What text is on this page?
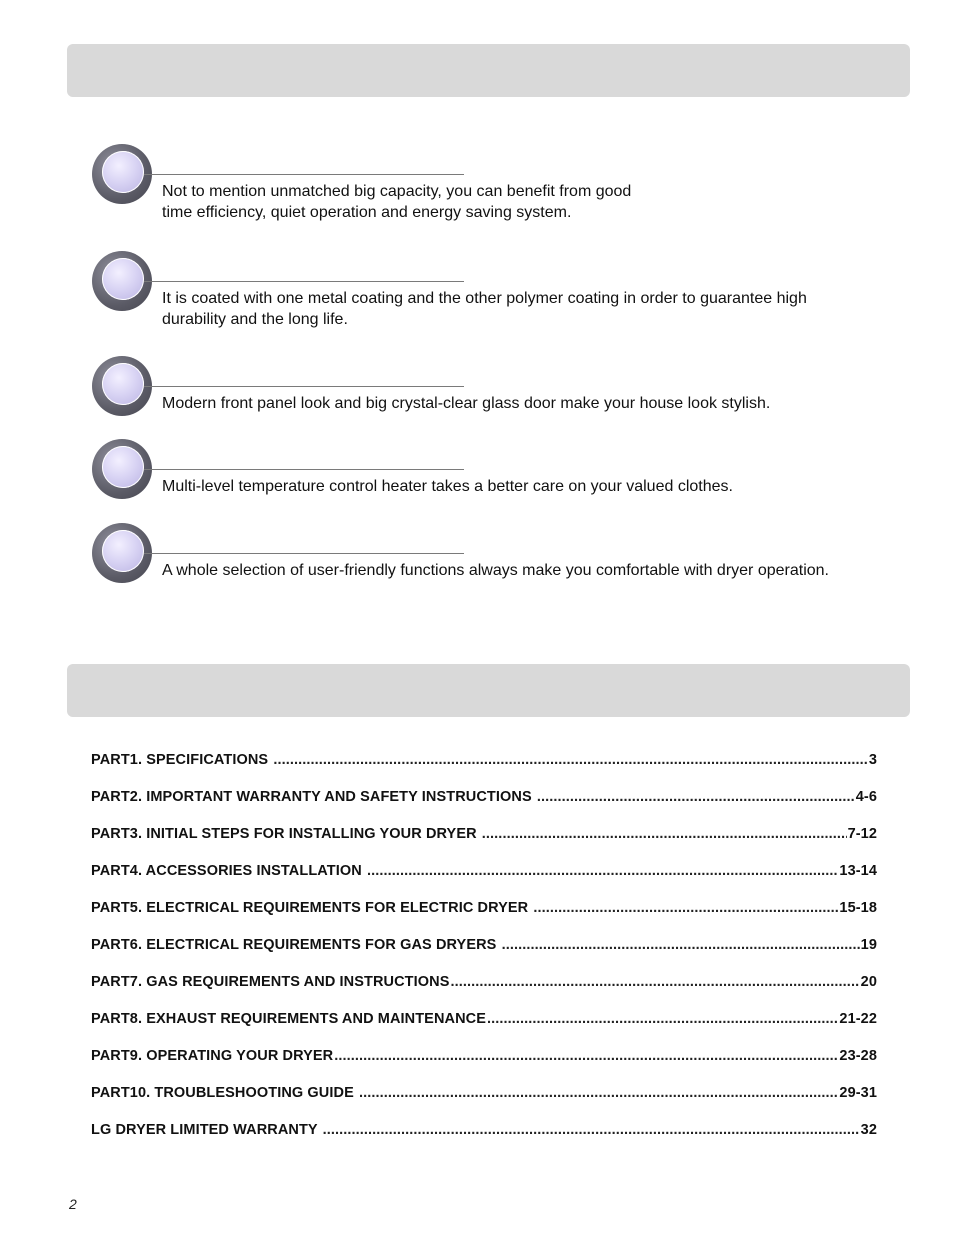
Not to mention unmatched big capacity, you can benefit from good
time efficiency, quiet operation and energy saving system.
It is coated with one metal coating and the other polymer coating in order to guarantee high
durability and the long life.
Modern front panel look and big crystal-clear glass door make your house look stylish.
Multi-level temperature control heater takes a better care on your valued clothes.
A whole selection of user-friendly functions always make you comfortable with dryer operation.
PART1. SPECIFICATIONS .....	3
PART2. IMPORTANT WARRANTY AND SAFETY INSTRUCTIONS .....	4-6
PART3. INITIAL STEPS FOR INSTALLING YOUR DRYER .....	7-12
PART4. ACCESSORIES INSTALLATION .....	13-14
PART5. ELECTRICAL REQUIREMENTS FOR ELECTRIC DRYER .....	15-18
PART6. ELECTRICAL REQUIREMENTS FOR GAS DRYERS .....	19
PART7. GAS REQUIREMENTS AND INSTRUCTIONS .....	20
PART8. EXHAUST REQUIREMENTS AND MAINTENANCE .....	21-22
PART9. OPERATING YOUR DRYER .....	23-28
PART10. TROUBLESHOOTING GUIDE .....	29-31
LG DRYER LIMITED WARRANTY .....	32
2
